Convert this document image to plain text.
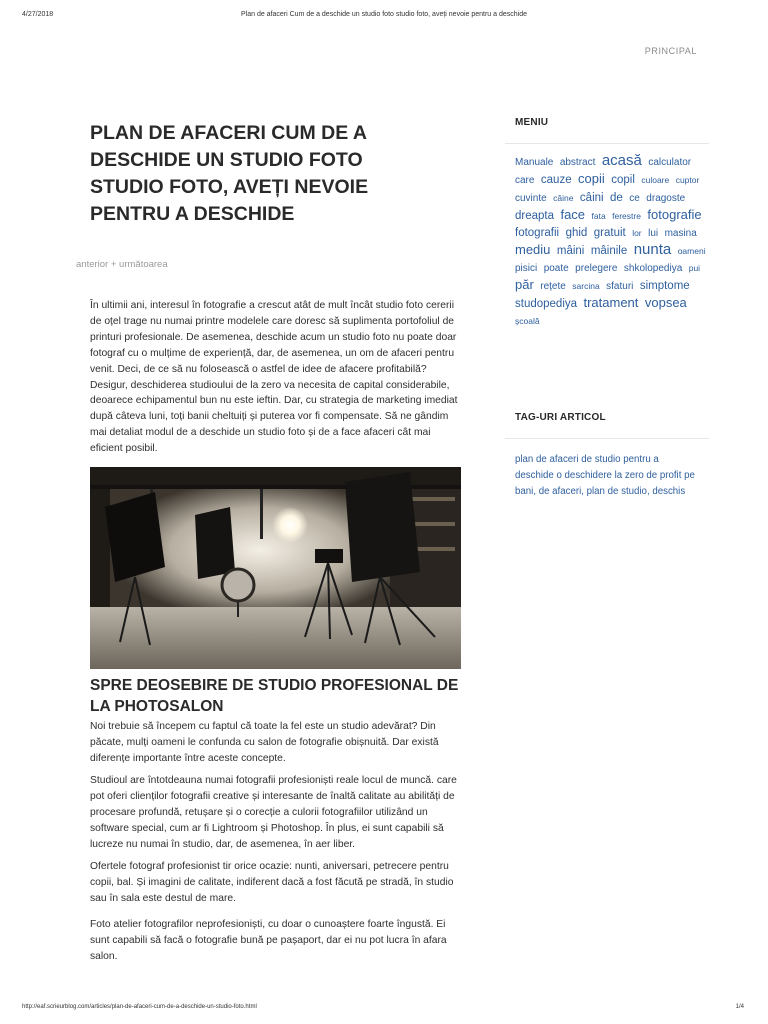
4/27/2018	Plan de afaceri Cum de a deschide un studio foto studio foto, aveți nevoie pentru a deschide
PRINCIPAL
PLAN DE AFACERI CUM DE A DESCHIDE UN STUDIO FOTO STUDIO FOTO, AVEȚI NEVOIE PENTRU A DESCHIDE
anterior + următoarea

În ultimii ani, interesul în fotografie a crescut atât de mult încât studio foto cererii de oțel trage nu numai printre modelele care doresc să suplimenta portofoliul de printuri profesionale. De asemenea, deschide acum un studio foto nu poate doar fotograf cu o mulțime de experiență, dar, de asemenea, un om de afaceri pentru venit. Deci, de ce să nu folosească o astfel de idee de afacere profitabilă? Desigur, deschiderea studioului de la zero va necesita de capital considerabile, deoarece echipamentul bun nu este ieftin. Dar, cu strategia de marketing imediat după câteva luni, toți banii cheltuiți și puterea vor fi compensate. Să ne gândim mai detaliat modul de a deschide un studio foto și de a face afaceri cât mai eficient posibil.

SPRE DEOSEBIRE DE STUDIO PROFESIONAL DE LA PHOTOSALON

Noi trebuie să începem cu faptul că toate la fel este un studio adevărat? Din păcate, mulți oameni le confunda cu salon de fotografie obișnuită. Dar există diferențe importante între aceste concepte.

Studioul are întotdeauna numai fotografii profesioniști reale locul de muncă. care pot oferi clienților fotografii creative și interesante de înaltă calitate au abilități de procesare profundă, retușare și o corecție a culorii fotografiilor utilizând un software special, cum ar fi Lightroom și Photoshop. În plus, ei sunt capabili să lucreze nu numai în studio, dar, de asemenea, în aer liber.

Ofertele fotograf profesionist tir orice ocazie: nunti, aniversari, petrecere pentru copii, bal. Și imagini de calitate, indiferent dacă a fost făcută pe stradă, în studio sau în sala este destul de mare.

Foto atelier fotografilor neprofesioniști, cu doar o cunoaștere foarte îngustă. Ei sunt capabili să facă o fotografie bună pe pașaport, dar ei nu pot lucra în afara salon.

MENIU
Manuale abstract acasă calculator care cauze copii copil culoare cuptor cuvinte câine câini de ce dragoste dreapta face fata ferestre fotografie fotografii ghid gratuit lor lui masina mediu mâini mâinile nunta oameni pisici poate prelegere shkolopediya pui păr rețete sarcina sfaturi simptome studopediya tratament vopsea școală
TAG-URI ARTICOL
plan de afaceri de studio pentru a deschide o deschidere la zero de profit pe bani, de afaceri, plan de studio, deschis
http://eaf.scrieurblog.com/articles/plan-de-afaceri-cum-de-a-deschide-un-studio-foto.html	1/4
